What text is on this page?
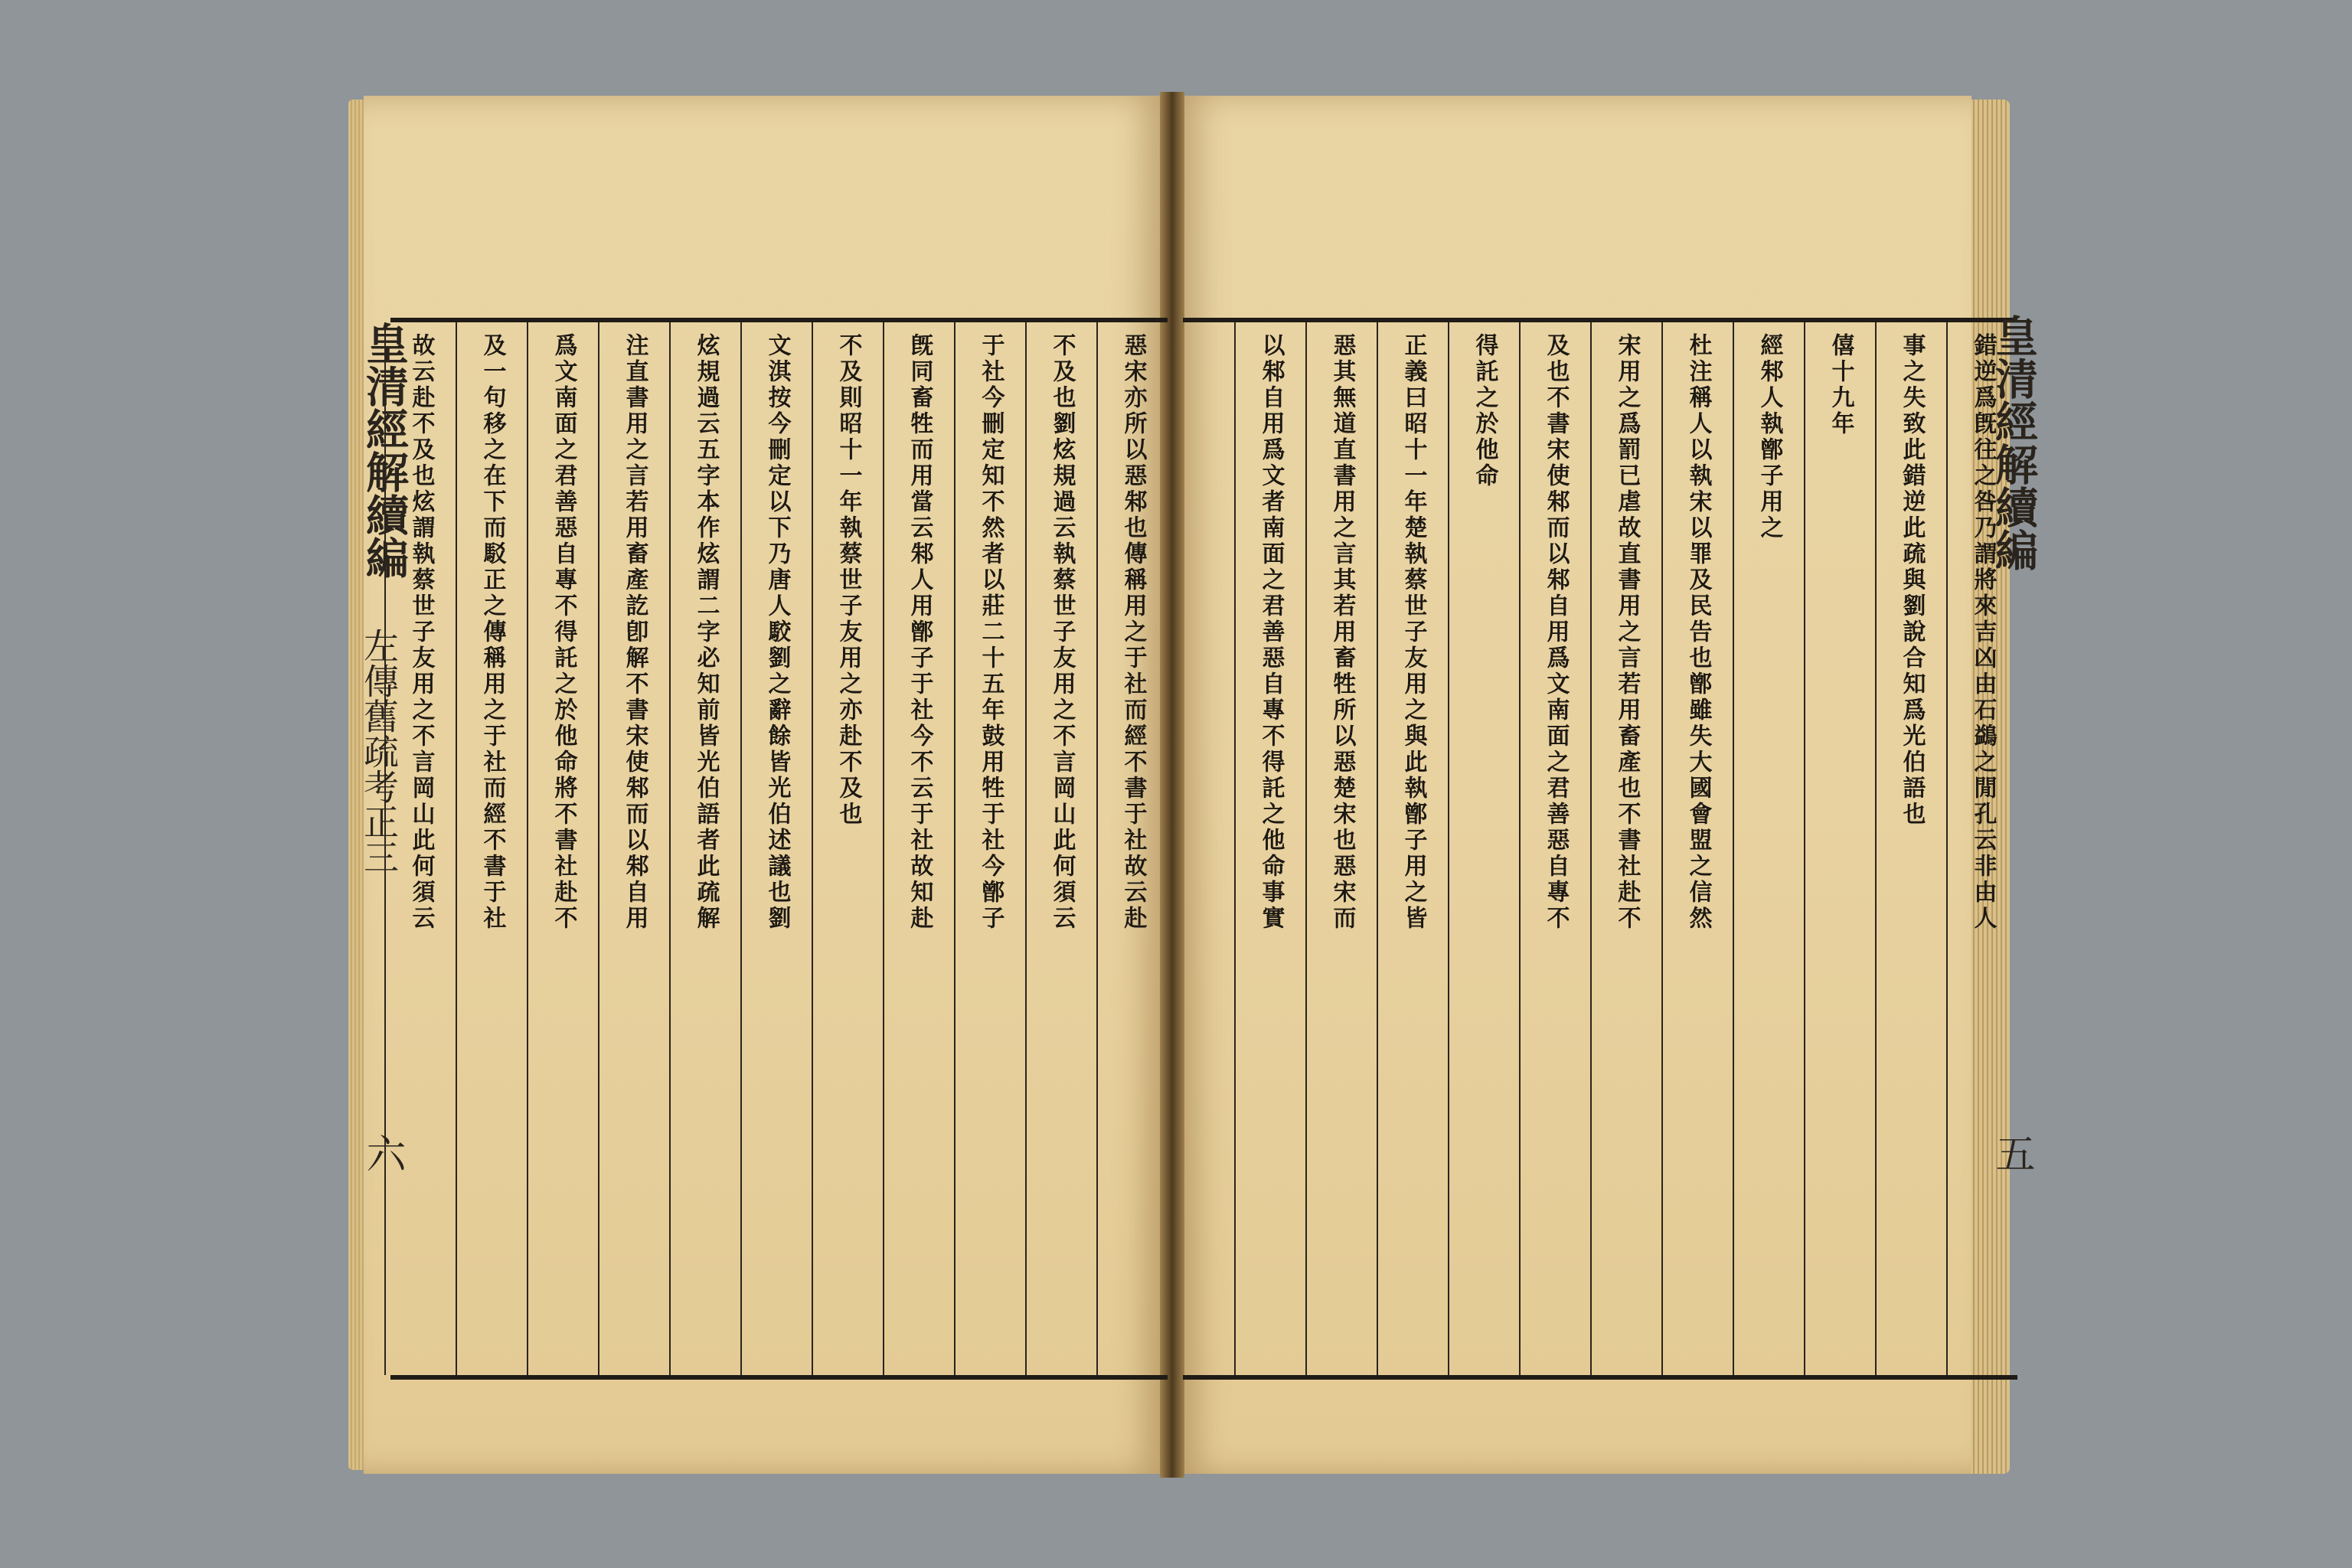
惡宋亦所以惡邾也傳稱用之于社而經不書于社故云赴
不及也劉炫規過云執蔡世子友用之不言岡山此何須云
于社今刪定知不然者以莊二十五年鼓用牲于社今鄫子
旣同畜牲而用當云邾人用鄫子于社今不云于社故知赴
不及則昭十一年執蔡世子友用之亦赴不及也
文淇按今刪定以下乃唐人駮劉之辭餘皆光伯述議也劉
炫規過云五字本作炫謂二字必知前皆光伯語者此疏解
注直書用之言若用畜產訖卽解不書宋使邾而以邾自用
爲文南面之君善惡自專不得託之於他命將不書社赴不
及一句移之在下而駁正之傳稱用之于社而經不書于社
故云赴不及也炫謂執蔡世子友用之不言岡山此何須云
皇清經解續編
左傳舊疏考正三
六
錯逆爲旣往之咎乃謂將來吉凶由石鷁之閒孔云非由人
事之失致此錯逆此疏與劉說合知爲光伯語也
僖十九年
經邾人執鄫子用之
杜注稱人以執宋以罪及民告也鄫雖失大國會盟之信然
宋用之爲罰已虐故直書用之言若用畜產也不書社赴不
及也不書宋使邾而以邾自用爲文南面之君善惡自專不
得託之於他命
正義曰昭十一年楚執蔡世子友用之與此執鄫子用之皆
惡其無道直書用之言其若用畜牲所以惡楚宋也惡宋而
以邾自用爲文者南面之君善惡自專不得託之他命事實	皇清經解續編
五
